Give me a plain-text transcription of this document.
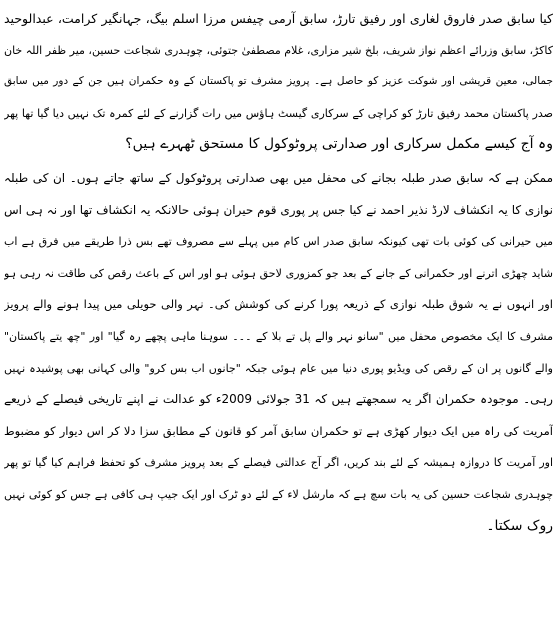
کیا سابق صدر فاروق لغاری اور رفیق تارڑ، سابق آرمی چیفس مرزا اسلم بیگ، جہانگیر کرامت، عبدالوحید
کاکڑ، سابق وزرائے اعظم نواز شریف، بلخ شیر مزاری، غلام مصطفیٰ جتوئی، چوہدری شجاعت حسین، میر ظفر اللہ خان
جمالی، معین قریشی اور شوکت عزیز کو حاصل ہے۔ پرویز مشرف تو پاکستان کے وہ حکمران ہیں جن کے دور میں سابق
صدر پاکستان محمد رفیق تارڑ کو کراچی کے سرکاری گیسٹ ہاؤس میں رات گزارنے کے لئے کمرہ تک نہیں دیا گیا تھا پھر
وہ آج کیسے مکمل سرکاری اور صدارتی پروٹوکول کا مستحق ٹھہرے ہیں؟
ممکن ہے کہ سابق صدر طبلہ بجانے کی محفل میں بھی صدارتی پروٹوکول کے ساتھ جاتے ہوں۔ ان کی طبلہ
نوازی کا یہ انکشاف لارڈ نذیر احمد نے کیا جس پر پوری قوم حیران ہوئی حالانکہ یہ انکشاف تھا اور نہ ہی اس
میں حیرانی کی کوئی بات تھی کیونکہ سابق صدر اس کام میں پہلے سے مصروف تھے بس ذرا طریقے میں فرق ہے اب
شاید چھڑی اترنے اور حکمرانی کے جانے کے بعد جو کمزوری لاحق ہوئی ہو اور اس کے باعث رقص کی طاقت نہ رہی ہو
اور انہوں نے یہ شوق طبلہ نوازی کے ذریعہ پورا کرنے کی کوشش کی۔ نہر والی حویلی میں پیدا ہونے والے پرویز
مشرف کا ایک مخصوص محفل میں "سانو نہر والے پل تے بلا کے ۔۔۔ سوہنا ماہی پچھے رہ گیا" اور "چھ یتے پاکستان"
والے گانوں پر ان کے رقص کی ویڈیو پوری دنیا میں عام ہوئی جبکہ "جانوں اب بس کرو" والی کہانی بھی پوشیدہ نہیں
رہی۔ موجودہ حکمران اگر یہ سمجھتے ہیں کہ 31 جولائی 2009ء کو عدالت نے اپنے تاریخی فیصلے کے ذریعے
آمریت کی راہ میں ایک دیوار کھڑی ہے تو حکمران سابق آمر کو قانون کے مطابق سزا دلا کر اس دیوار کو مضبوط
اور آمریت کا دروازہ ہمیشہ کے لئے بند کریں، اگر آج عدالتی فیصلے کے بعد پرویز مشرف کو تحفظ فراہم کیا گیا تو پھر
چوہدری شجاعت حسین کی یہ بات سچ ہے کہ مارشل لاء کے لئے دو ٹرک اور ایک جیپ ہی کافی ہے جس کو کوئی نہیں
روک سکتا۔
